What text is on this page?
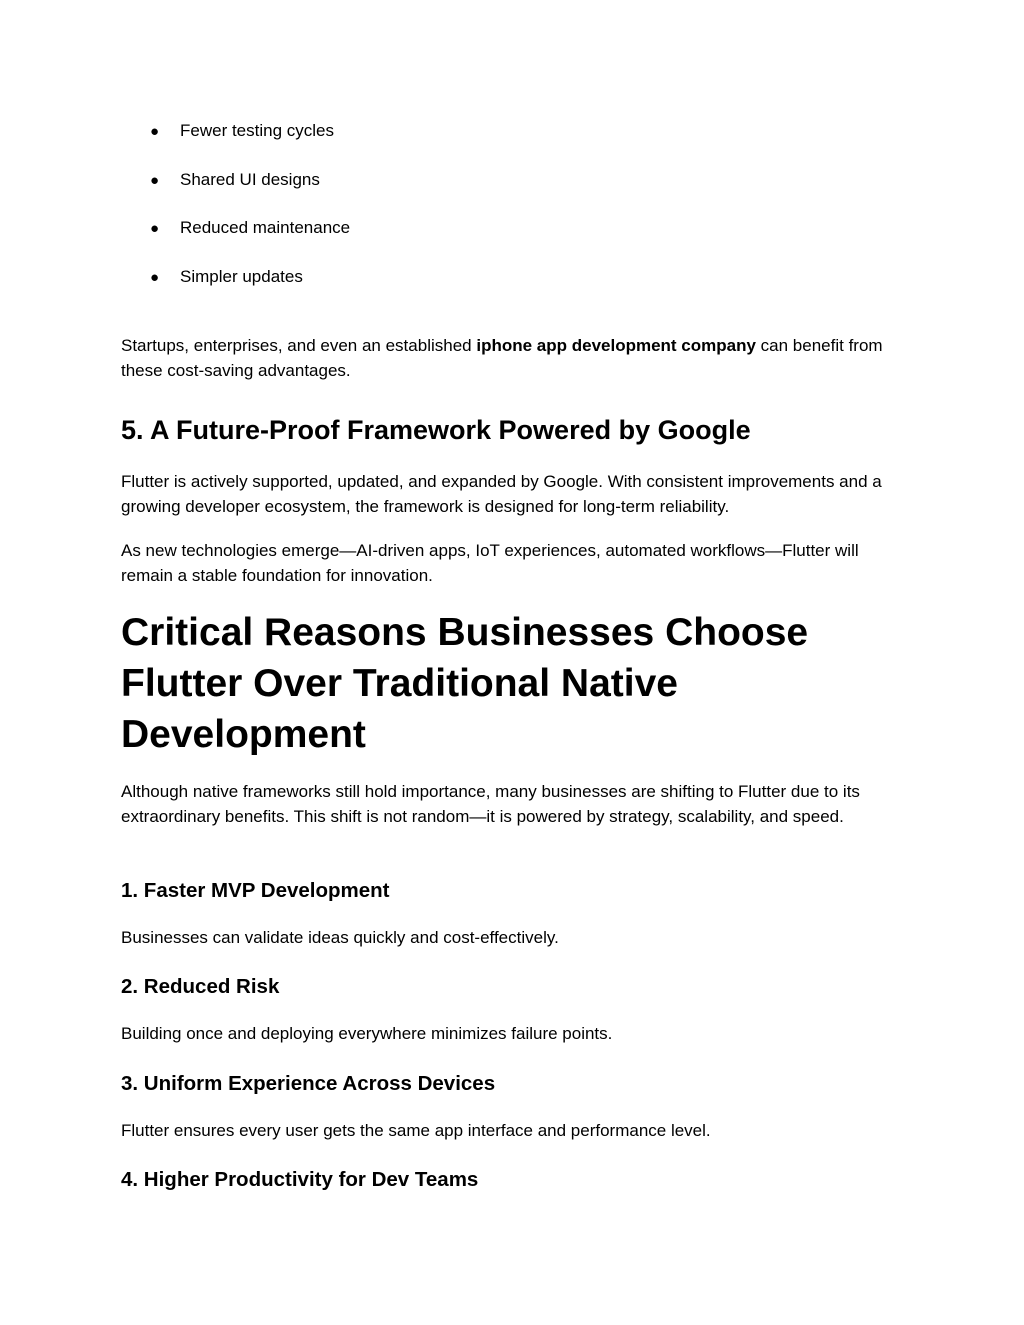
● Fewer testing cycles
● Shared UI designs
● Reduced maintenance
● Simpler updates

Startups, enterprises, and even an established iphone app development company can benefit from these cost-saving advantages.

5. A Future-Proof Framework Powered by Google

Flutter is actively supported, updated, and expanded by Google. With consistent improvements and a growing developer ecosystem, the framework is designed for long-term reliability.

As new technologies emerge—AI-driven apps, IoT experiences, automated workflows—Flutter will remain a stable foundation for innovation.

Critical Reasons Businesses Choose Flutter Over Traditional Native Development

Although native frameworks still hold importance, many businesses are shifting to Flutter due to its extraordinary benefits. This shift is not random—it is powered by strategy, scalability, and speed.

1. Faster MVP Development

Businesses can validate ideas quickly and cost-effectively.

2. Reduced Risk

Building once and deploying everywhere minimizes failure points.

3. Uniform Experience Across Devices

Flutter ensures every user gets the same app interface and performance level.

4. Higher Productivity for Dev Teams
